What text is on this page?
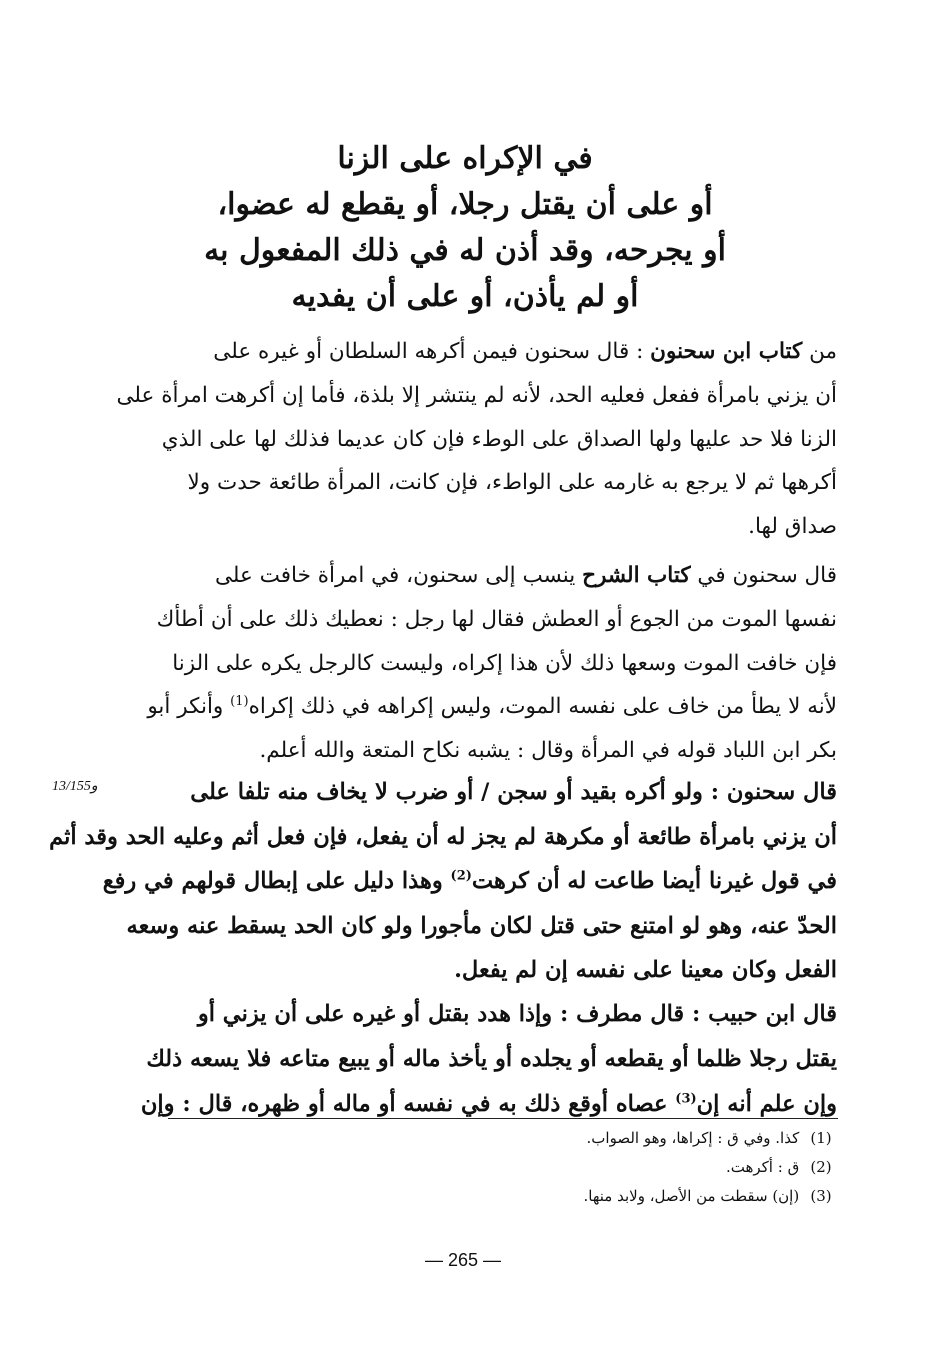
في الإكراه على الزنا
أو على أن يقتل رجلا، أو يقطع له عضوا،
أو يجرحه، وقد أذن له في ذلك المفعول به
أو لم يأذن، أو على أن يفديه
من كتاب ابن سحنون : قال سحنون فيمن أكرهه السلطان أو غيره على
أن يزني بامرأة ففعل فعليه الحد، لأنه لم ينتشر إلا بلذة، فأما إن أكرهت امرأة على
الزنا فلا حد عليها ولها الصداق على الوطء فإن كان عديما فذلك لها على الذي
أكرهها ثم لا يرجع به غارمه على الواطء، فإن كانت، المرأة طائعة حدت ولا
صداق لها.
قال سحنون في كتاب الشرح ينسب إلى سحنون، في امرأة خافت على
نفسها الموت من الجوع أو العطش فقال لها رجل : نعطيك ذلك على أن أطأك
فإن خافت الموت وسعها ذلك لأن هذا إكراه، وليست كالرجل يكره على الزنا
لأنه لا يطأ من خاف على نفسه الموت، وليس إكراهه في ذلك إكراه$^{(1)}$ وأنكر أبو
بكر ابن اللباد قوله في المرأة وقال : يشبه نكاح المتعة والله أعلم.
13/155و	قال سحنون : ولو أكره بقيد أو سجن / أو ضرب لا يخاف منه تلفا على
أن يزني بامرأة طائعة أو مكرهة لم يجز له أن يفعل، فإن فعل أثم وعليه الحد وقد أثم
في قول غيرنا أيضا طاعت له أن كرهت$^{(2)}$ وهذا دليل على إبطال قولهم في رفع
الحدّ عنه، وهو لو امتنع حتى قتل لكان مأجورا ولو كان الحد يسقط عنه وسعه
الفعل وكان معينا على نفسه إن لم يفعل.
قال ابن حبيب : قال مطرف : وإذا هدد بقتل أو غيره على أن يزني أو
يقتل رجلا ظلما أو يقطعه أو يجلده أو يأخذ ماله أو يبيع متاعه فلا يسعه ذلك
وإن علم أنه إن$^{(3)}$ عصاه أوقع ذلك به في نفسه أو ماله أو ظهره، قال : وإن
(1) كذا. وفي ق : إكراها، وهو الصواب.
(2) ق : أكرهت.
(3) (إن) سقطت من الأصل، ولابد منها.
— 265 —
